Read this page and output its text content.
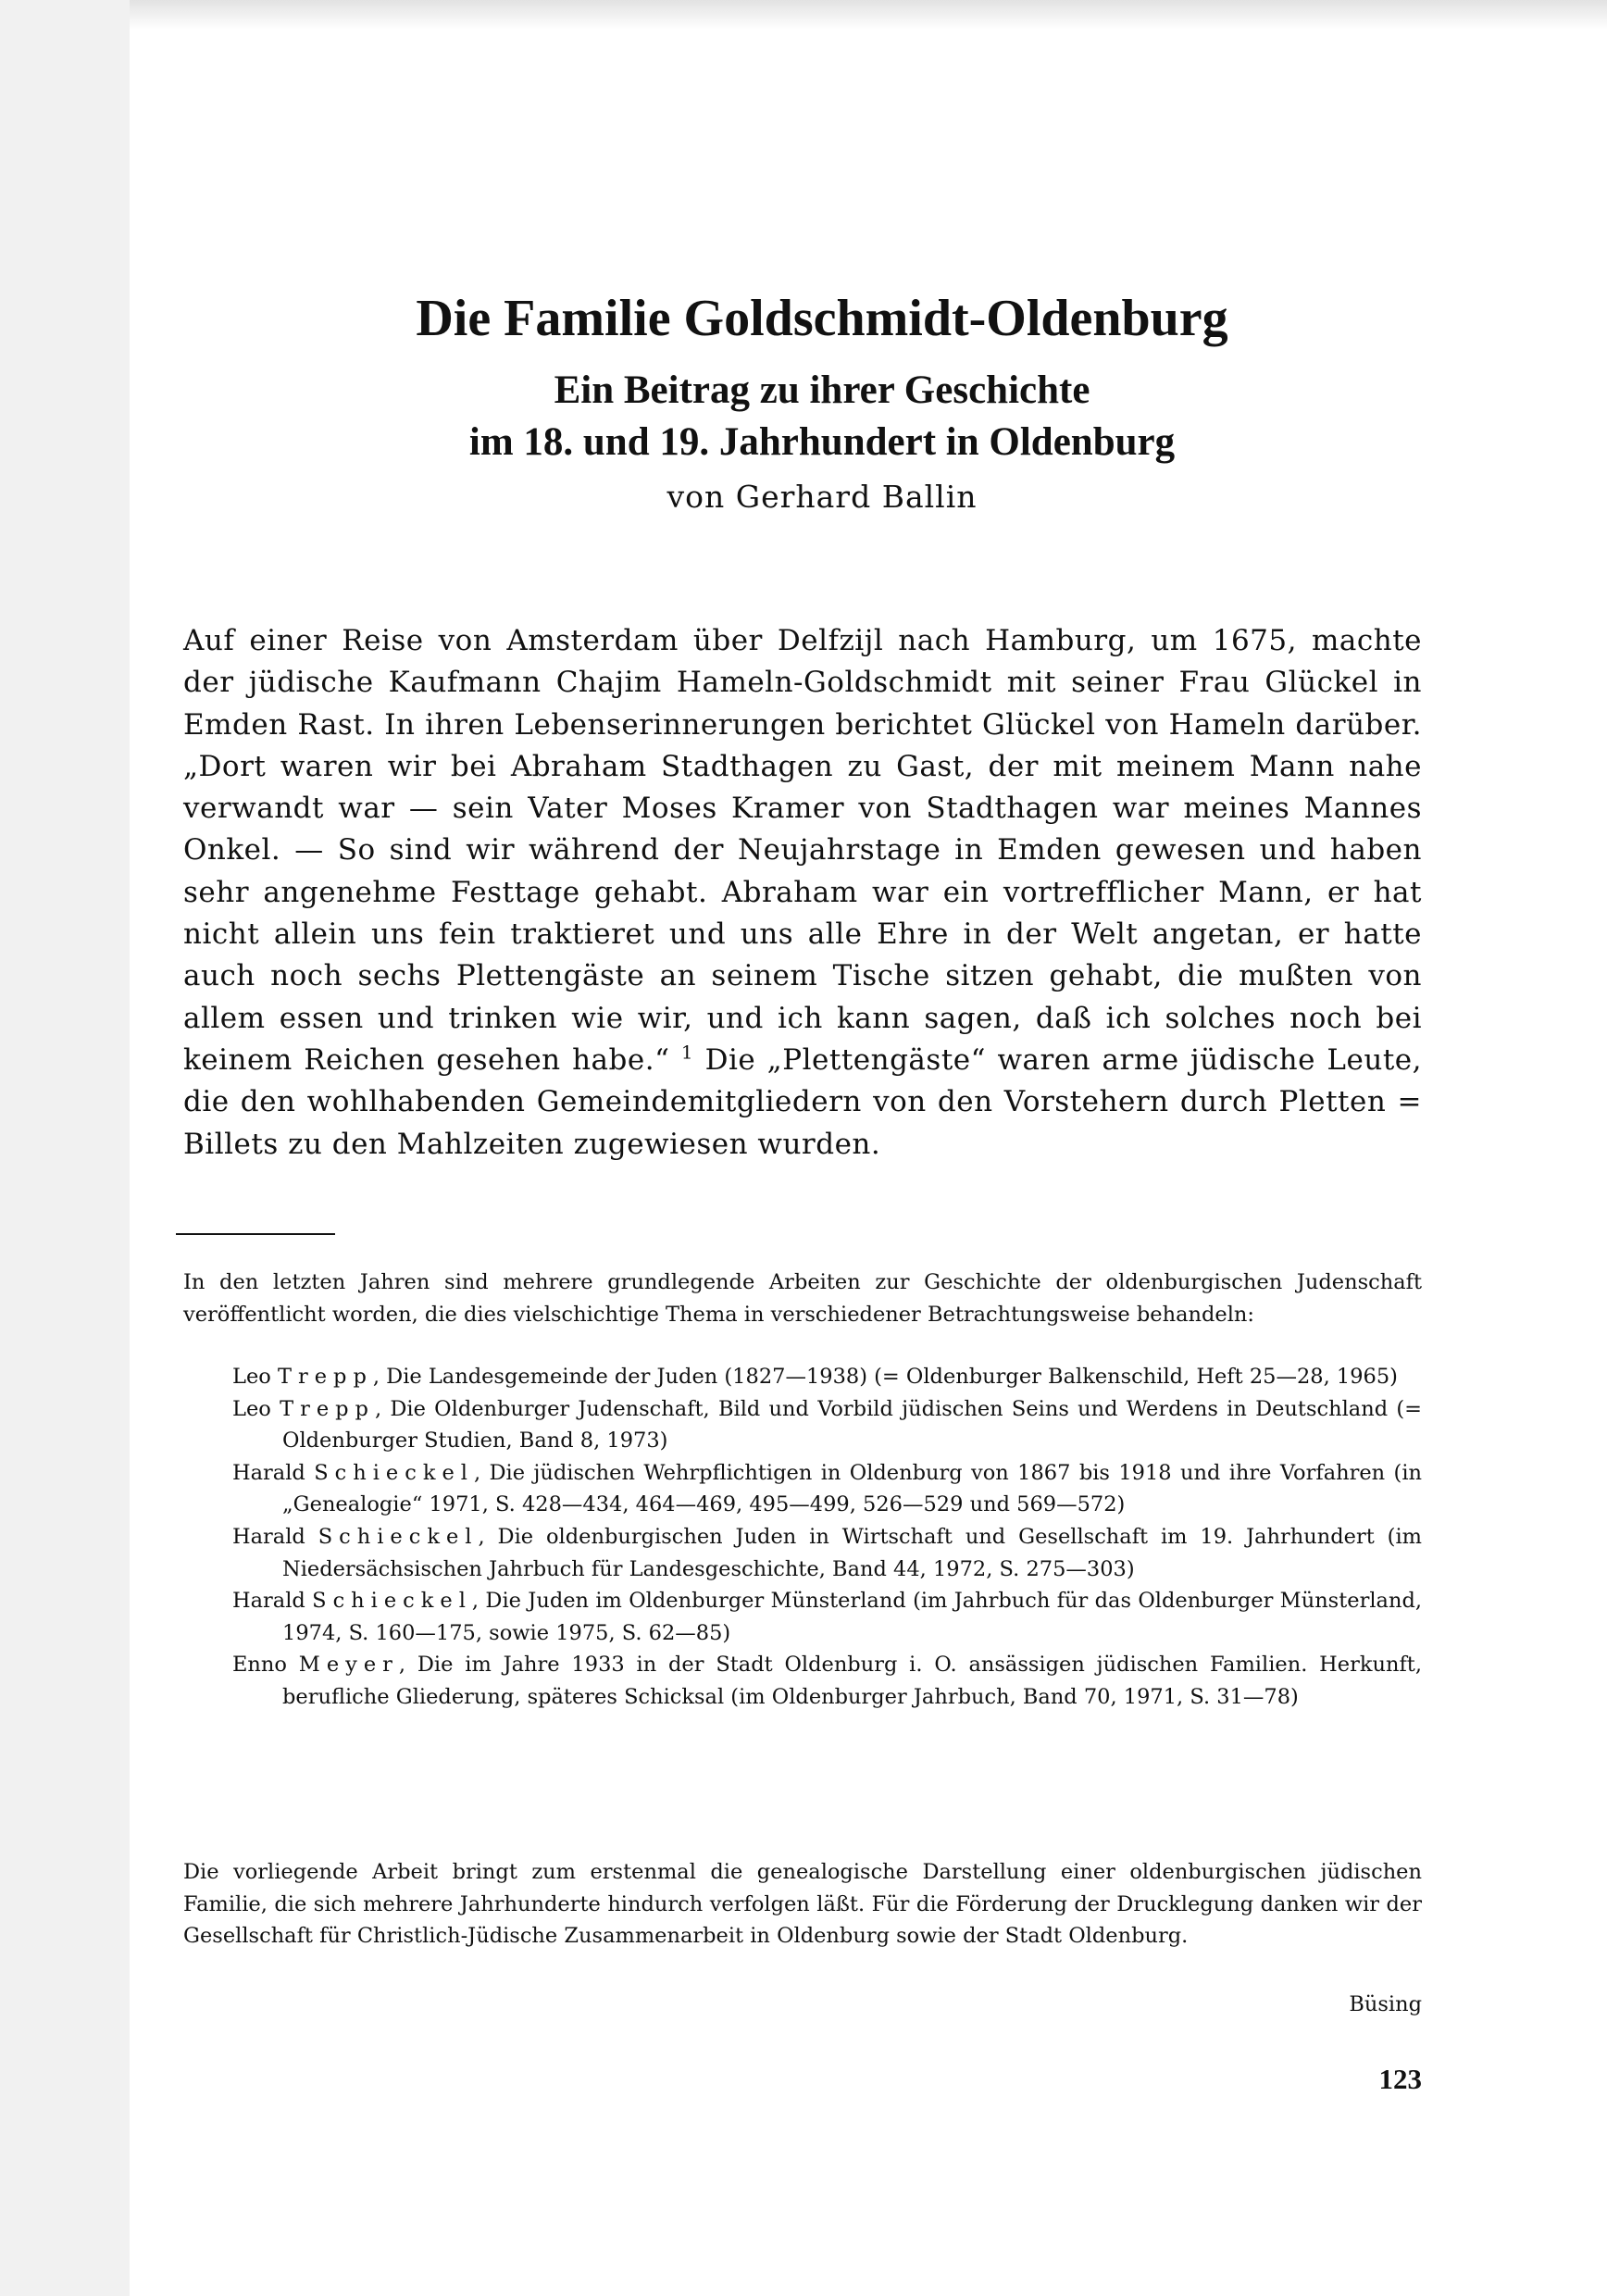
Die Familie Goldschmidt-Oldenburg
Ein Beitrag zu ihrer Geschichte
im 18. und 19. Jahrhundert in Oldenburg
von Gerhard Ballin

Auf einer Reise von Amsterdam über Delfzijl nach Hamburg, um 1675, machte der jüdische Kaufmann Chajim Hameln-Goldschmidt mit seiner Frau Glückel in Emden Rast. In ihren Lebenserinnerungen berichtet Glückel von Hameln darüber. „Dort waren wir bei Abraham Stadthagen zu Gast, der mit meinem Mann nahe verwandt war — sein Vater Moses Kramer von Stadthagen war meines Mannes Onkel. — So sind wir während der Neujahrstage in Emden gewesen und haben sehr angenehme Festtage gehabt. Abraham war ein vortrefflicher Mann, er hat nicht allein uns fein traktieret und uns alle Ehre in der Welt angetan, er hatte auch noch sechs Plettengäste an seinem Tische sitzen gehabt, die mußten von allem essen und trinken wie wir, und ich kann sagen, daß ich solches noch bei keinem Reichen gesehen habe.“ $^1$ Die „Plettengäste“ waren arme jüdische Leute, die den wohlhabenden Gemeindemitgliedern von den Vorstehern durch Pletten = Billets zu den Mahlzeiten zugewiesen wurden.

In den letzten Jahren sind mehrere grundlegende Arbeiten zur Geschichte der oldenburgischen Judenschaft veröffentlicht worden, die dies vielschichtige Thema in verschiedener Betrachtungsweise behandeln:

Leo Trepp, Die Landesgemeinde der Juden (1827—1938) (= Oldenburger Balkenschild, Heft 25—28, 1965)

Leo Trepp, Die Oldenburger Judenschaft, Bild und Vorbild jüdischen Seins und Werdens in Deutschland (= Oldenburger Studien, Band 8, 1973)

Harald Schieckel, Die jüdischen Wehrpflichtigen in Oldenburg von 1867 bis 1918 und ihre Vorfahren (in „Genealogie“ 1971, S. 428—434, 464—469, 495—499, 526—529 und 569—572)

Harald Schieckel, Die oldenburgischen Juden in Wirtschaft und Gesellschaft im 19. Jahrhundert (im Niedersächsischen Jahrbuch für Landesgeschichte, Band 44, 1972, S. 275—303)

Harald Schieckel, Die Juden im Oldenburger Münsterland (im Jahrbuch für das Oldenburger Münsterland, 1974, S. 160—175, sowie 1975, S. 62—85)

Enno Meyer, Die im Jahre 1933 in der Stadt Oldenburg i. O. ansässigen jüdischen Familien. Herkunft, berufliche Gliederung, späteres Schicksal (im Oldenburger Jahrbuch, Band 70, 1971, S. 31—78)

Die vorliegende Arbeit bringt zum erstenmal die genealogische Darstellung einer oldenburgischen jüdischen Familie, die sich mehrere Jahrhunderte hindurch verfolgen läßt. Für die Förderung der Drucklegung danken wir der Gesellschaft für Christlich-Jüdische Zusammenarbeit in Oldenburg sowie der Stadt Oldenburg.

Büsing
123
